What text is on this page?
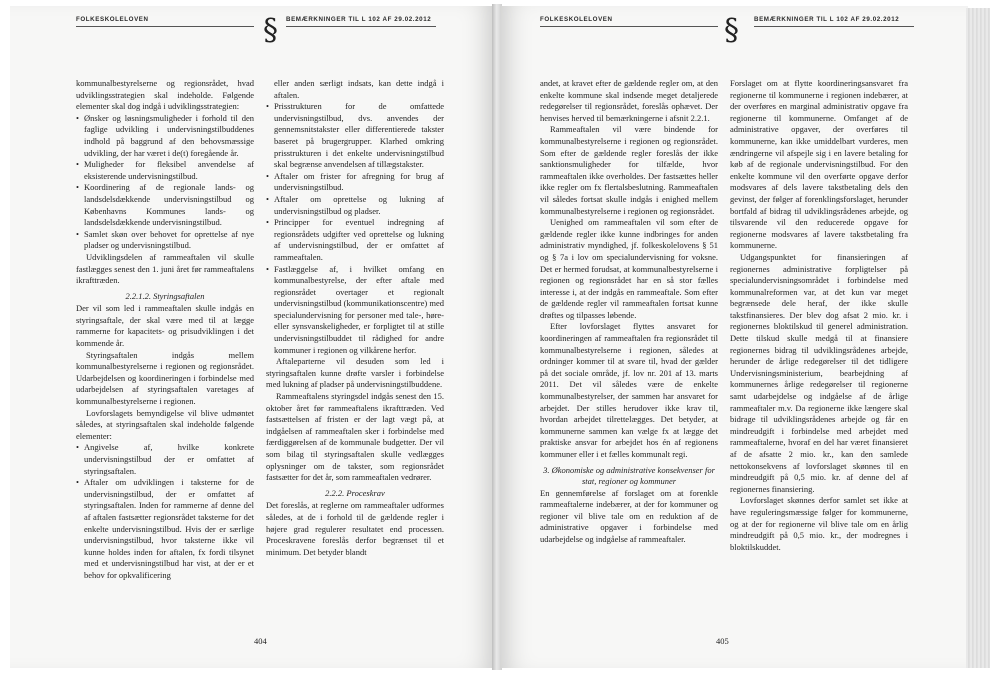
FOLKESKOLELOVEN	§ BEMÆRKNINGER TIL L 102 AF 29.02.2012

kommunalbestyrelserne og regionsrådet, hvad udviklingsstrategien skal indeholde. Følgende elementer skal dog indgå i udviklingsstrategien:

• Ønsker og løsningsmuligheder i forhold til den faglige udvikling i undervisningstilbuddenes indhold på baggrund af den behovsmæssige udvikling, der har været i de(t) foregående år.
• Muligheder for fleksibel anvendelse af eksisterende undervisningstilbud.
• Koordinering af de regionale lands- og landsdelsdækkende undervisningstilbud og Københavns Kommunes lands- og landsdelsdækkende undervisningstilbud.
• Samlet skøn over behovet for oprettelse af nye pladser og undervisningstilbud.

Udviklingsdelen af rammeaftalen vil skulle fastlægges senest den 1. juni året før rammeaftalens ikrafttræden.

2.2.1.2. Styringsaftalen

Der vil som led i rammeaftalen skulle indgås en styringsaftale, der skal være med til at lægge rammerne for kapacitets- og prisudviklingen i det kommende år.

Styringsaftalen indgås mellem kommunalbestyrelserne i regionen og regionsrådet. Udarbejdelsen og koordineringen i forbindelse med udarbejdelsen af styringsaftalen varetages af kommunalbestyrelserne i regionen.

Lovforslagets bemyndigelse vil blive udmøntet således, at styringsaftalen skal indeholde følgende elementer:

• Angivelse af, hvilke konkrete undervisningstilbud der er omfattet af styringsaftalen.
• Aftaler om udviklingen i taksterne for de undervisningstilbud, der er omfattet af styringsaftalen. Inden for rammerne af denne del af aftalen fastsætter regionsrådet taksterne for det enkelte undervisningstilbud. Hvis der er særlige undervisningstilbud, hvor taksterne ikke vil kunne holdes inden for aftalen, fx fordi tilsynet med et undervisningstilbud har vist, at der er et behov for opkvalificering

eller anden særligt indsats, kan dette indgå i aftalen.

• Prisstrukturen for de omfattede undervisningstilbud, dvs. anvendes der gennemsnitstakster eller differentierede takster baseret på brugergrupper. Klarhed omkring prisstrukturen i det enkelte undervisningstilbud skal begrænse anvendelsen af tillægstakster.
• Aftaler om frister for afregning for brug af undervisningstilbud.
• Aftaler om oprettelse og lukning af undervisningstilbud og pladser.
• Principper for eventuel indregning af regionsrådets udgifter ved oprettelse og lukning af undervisningstilbud, der er omfattet af rammeaftalen.
• Fastlæggelse af, i hvilket omfang en kommunalbestyrelse, der efter aftale med regionsrådet overtager et regionalt undervisningstilbud (kommunikationscentre) med specialundervisning for personer med tale-, høre- eller synsvanskeligheder, er forpligtet til at stille undervisningstilbuddet til rådighed for andre kommuner i regionen og vilkårene herfor.

Aftaleparterne vil desuden som led i styringsaftalen kunne drøfte varsler i forbindelse med lukning af pladser på undervisningstilbuddene.

Rammeaftalens styringsdel indgås senest den 15. oktober året før rammeaftalens ikrafttræden. Ved fastsættelsen af fristen er der lagt vægt på, at indgåelsen af rammeaftalen sker i forbindelse med færdiggørelsen af de kommunale budgetter. Der vil som bilag til styringsaftalen skulle vedlægges oplysninger om de takster, som regionsrådet fastsætter for det år, som rammeaftalen vedrører.

2.2.2. Proceskrav

Det foreslås, at reglerne om rammeaftaler udformes således, at de i forhold til de gældende regler i højere grad regulerer resultatet end processen. Proceskravene foreslås derfor begrænset til et minimum. Det betyder blandt

404
FOLKESKOLELOVEN	§ BEMÆRKNINGER TIL L 102 AF 29.02.2012

andet, at kravet efter de gældende regler om, at den enkelte kommune skal indsende meget detaljerede redegørelser til regionsrådet, foreslås ophævet. Der henvises herved til bemærkningerne i afsnit 2.2.1.

Rammeaftalen vil være bindende for kommunalbestyrelserne i regionen og regionsrådet. Som efter de gældende regler foreslås der ikke sanktionsmuligheder for tilfælde, hvor rammeaftalen ikke overholdes. Der fastsættes heller ikke regler om fx flertalsbeslutning. Rammeaftalen vil således fortsat skulle indgås i enighed mellem kommunalbestyrelserne i regionen og regionsrådet.

Uenighed om rammeaftalen vil som efter de gældende regler ikke kunne indbringes for anden administrativ myndighed, jf. folkeskolelovens § 51 og § 7a i lov om specialundervisning for voksne. Det er hermed forudsat, at kommunalbestyrelserne i regionen og regionsrådet har en så stor fælles interesse i, at der indgås en rammeaftale. Som efter de gældende regler vil rammeaftalen fortsat kunne drøftes og tilpasses løbende.

Efter lovforslaget flyttes ansvaret for koordineringen af rammeaftalen fra regionsrådet til kommunalbestyrelserne i regionen, således at ordninger kommer til at svare til, hvad der gælder på det sociale område, jf. lov nr. 201 af 13. marts 2011. Det vil således være de enkelte kommunalbestyrelser, der sammen har ansvaret for arbejdet. Der stilles herudover ikke krav til, hvordan arbejdet tilrettelægges. Det betyder, at kommunerne sammen kan vælge fx at lægge det praktiske ansvar for arbejdet hos én af regionens kommuner eller i et fælles kommunalt regi.

3. Økonomiske og administrative konsekvenser for stat, regioner og kommuner

En gennemførelse af forslaget om at forenkle rammeaftalerne indebærer, at der for kommuner og regioner vil blive tale om en reduktion af de administrative opgaver i forbindelse med udarbejdelse og indgåelse af rammeaftaler.

Forslaget om at flytte koordineringsansvaret fra regionerne til kommunerne i regionen indebærer, at der overføres en marginal administrativ opgave fra regionerne til kommunerne. Omfanget af de administrative opgaver, der overføres til kommunerne, kan ikke umiddelbart vurderes, men ændringerne vil afspejle sig i en lavere betaling for køb af de regionale undervisningstilbud. For den enkelte kommune vil den overførte opgave derfor modsvares af dels lavere takstbetaling dels den gevinst, der følger af forenklingsforslaget, herunder bortfald af bidrag til udviklingsrådenes arbejde, og tilsvarende vil den reducerede opgave for regionerne modsvares af lavere takstbetaling fra kommunerne.

Udgangspunktet for finansieringen af regionernes administrative forpligtelser på specialundervisningsområdet i forbindelse med kommunalreformen var, at det kun var meget begrænsede dele heraf, der ikke skulle takstfinansieres. Der blev dog afsat 2 mio. kr. i regionernes bloktilskud til generel administration. Dette tilskud skulle medgå til at finansiere regionernes bidrag til udviklingsrådenes arbejde, herunder de årlige redegørelser til det tidligere Undervisningsministerium, bearbejdning af kommunernes årlige redegørelser til regionerne samt udarbejdelse og indgåelse af de årlige rammeaftaler m.v. Da regionerne ikke længere skal bidrage til udviklingsrådenes arbejde og får en mindreudgift i forbindelse med arbejdet med rammeaftalerne, hvoraf en del har været finansieret af de afsatte 2 mio. kr., kan den samlede nettokonsekvens af lovforslaget skønnes til en mindreudgift på 0,5 mio. kr. af denne del af regionernes finansiering.

Lovforslaget skønnes derfor samlet set ikke at have reguleringsmæssige følger for kommunerne, og at der for regionerne vil blive tale om en årlig mindreudgift på 0,5 mio. kr., der modregnes i bloktilskuddet.

405
